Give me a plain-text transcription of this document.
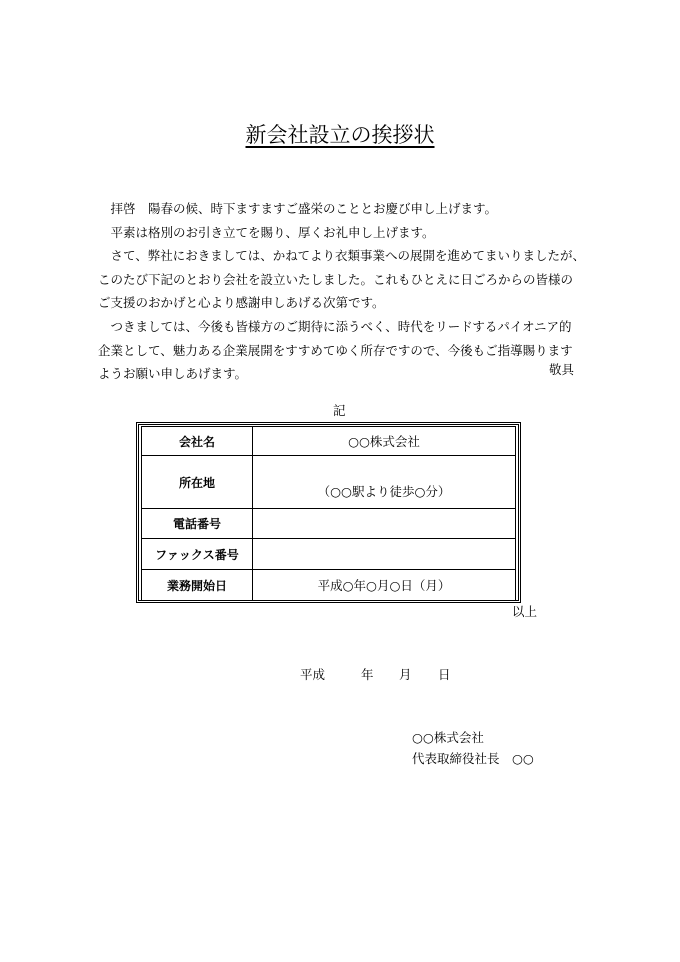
新会社設立の挨拶状

　拝啓　陽春の候、時下ますますご盛栄のこととお慶び申し上げます。

　平素は格別のお引き立てを賜り、厚くお礼申し上げます。

　さて、弊社におきましては、かねてより衣類事業への展開を進めてまいりましたが、

このたび下記のとおり会社を設立いたしました。これもひとえに日ごろからの皆様の

ご支援のおかげと心より感謝申しあげる次第です。

　つきましては、今後も皆様方のご期待に添うべく、時代をリードするパイオニア的

企業として、魅力ある企業展開をすすめてゆく所存ですので、今後もご指導賜ります

ようお願い申しあげます。	敬具
記
会社名	○○株式会社
所在地	（○○駅より徒歩○分）

電話番号	
ファックス番号	
業務開始日	平成○年○月○日（月）
以上
平成	年 月 日
○○株式会社
代表取締役社長　○○
